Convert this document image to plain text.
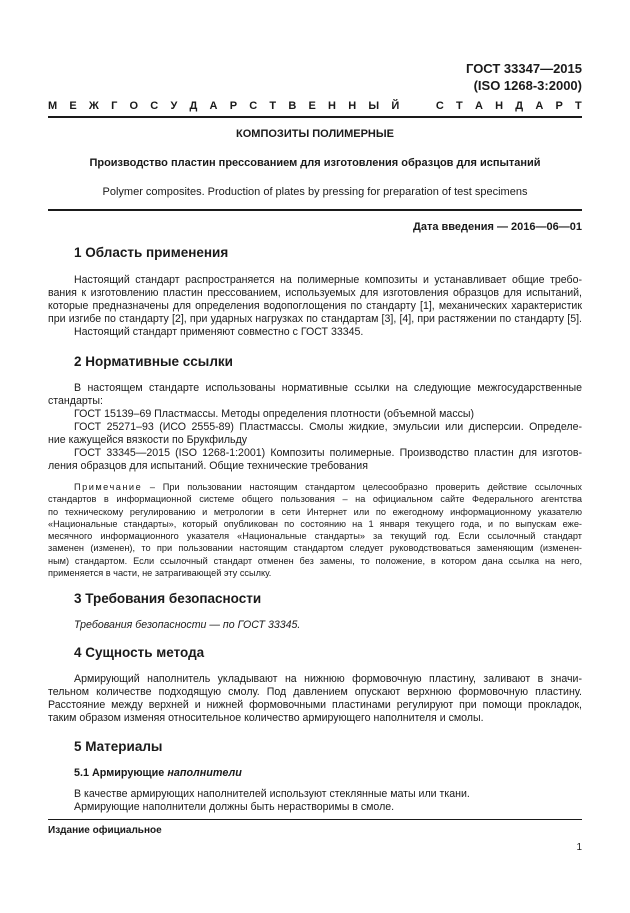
ГОСТ 33347—2015
(ISO 1268-3:2000)
М Е Ж Г О С У Д А Р С Т В Е Н Н Ы Й	С Т А Н Д А Р Т
КОМПОЗИТЫ ПОЛИМЕРНЫЕ
Производство пластин прессованием для изготовления образцов для испытаний
Polymer composites. Production of plates by pressing for preparation of test specimens
Дата введения — 2016—06—01
1 Область применения
Настоящий стандарт распространяется на полимерные композиты и устанавливает общие требо-
вания к изготовлению пластин прессованием, используемых для изготовления образцов для испытаний,
которые предназначены для определения водопоглощения по стандарту [1], механических характеристик
при изгибе по стандарту [2], при ударных нагрузках по стандартам [3], [4], при растяжении по стандарту [5].
Настоящий стандарт применяют совместно с ГОСТ 33345.
2 Нормативные ссылки
В настоящем стандарте использованы нормативные ссылки на следующие межгосударственные
стандарты:
ГОСТ 15139–69 Пластмассы. Методы определения плотности (объемной массы)
ГОСТ 25271–93 (ИСО 2555-89) Пластмассы. Смолы жидкие, эмульсии или дисперсии. Определе-
ние кажущейся вязкости по Брукфильду
ГОСТ 33345—2015 (ISO 1268-1:2001) Композиты полимерные. Производство пластин для изготов-
ления образцов для испытаний. Общие технические требования
Примечание – При пользовании настоящим стандартом целесообразно проверить действие ссылочных
стандартов в информационной системе общего пользования – на официальном сайте Федерального агентства
по техническому регулированию и метрологии в сети Интернет или по ежегодному информационному указателю
«Национальные стандарты», который опубликован по состоянию на 1 января текущего года, и по выпускам еже-
месячного информационного указателя «Национальные стандарты» за текущий год. Если ссылочный стандарт
заменен (изменен), то при пользовании настоящим стандартом следует руководствоваться заменяющим (изменен-
ным) стандартом. Если ссылочный стандарт отменен без замены, то положение, в котором дана ссылка на него,
применяется в части, не затрагивающей эту ссылку.
3 Требования безопасности
Требования безопасности — по ГОСТ 33345.
4 Сущность метода
Армирующий наполнитель укладывают на нижнюю формовочную пластину, заливают в значи-
тельном количестве подходящую смолу. Под давлением опускают верхнюю формовочную пластину.
Расстояние между верхней и нижней формовочными пластинами регулируют при помощи прокладок,
таким образом изменяя относительное количество армирующего наполнителя и смолы.
5 Материалы
5.1 Армирующие наполнители
В качестве армирующих наполнителей используют стеклянные маты или ткани.
Армирующие наполнители должны быть нерастворимы в смоле.
Издание официальное
1
